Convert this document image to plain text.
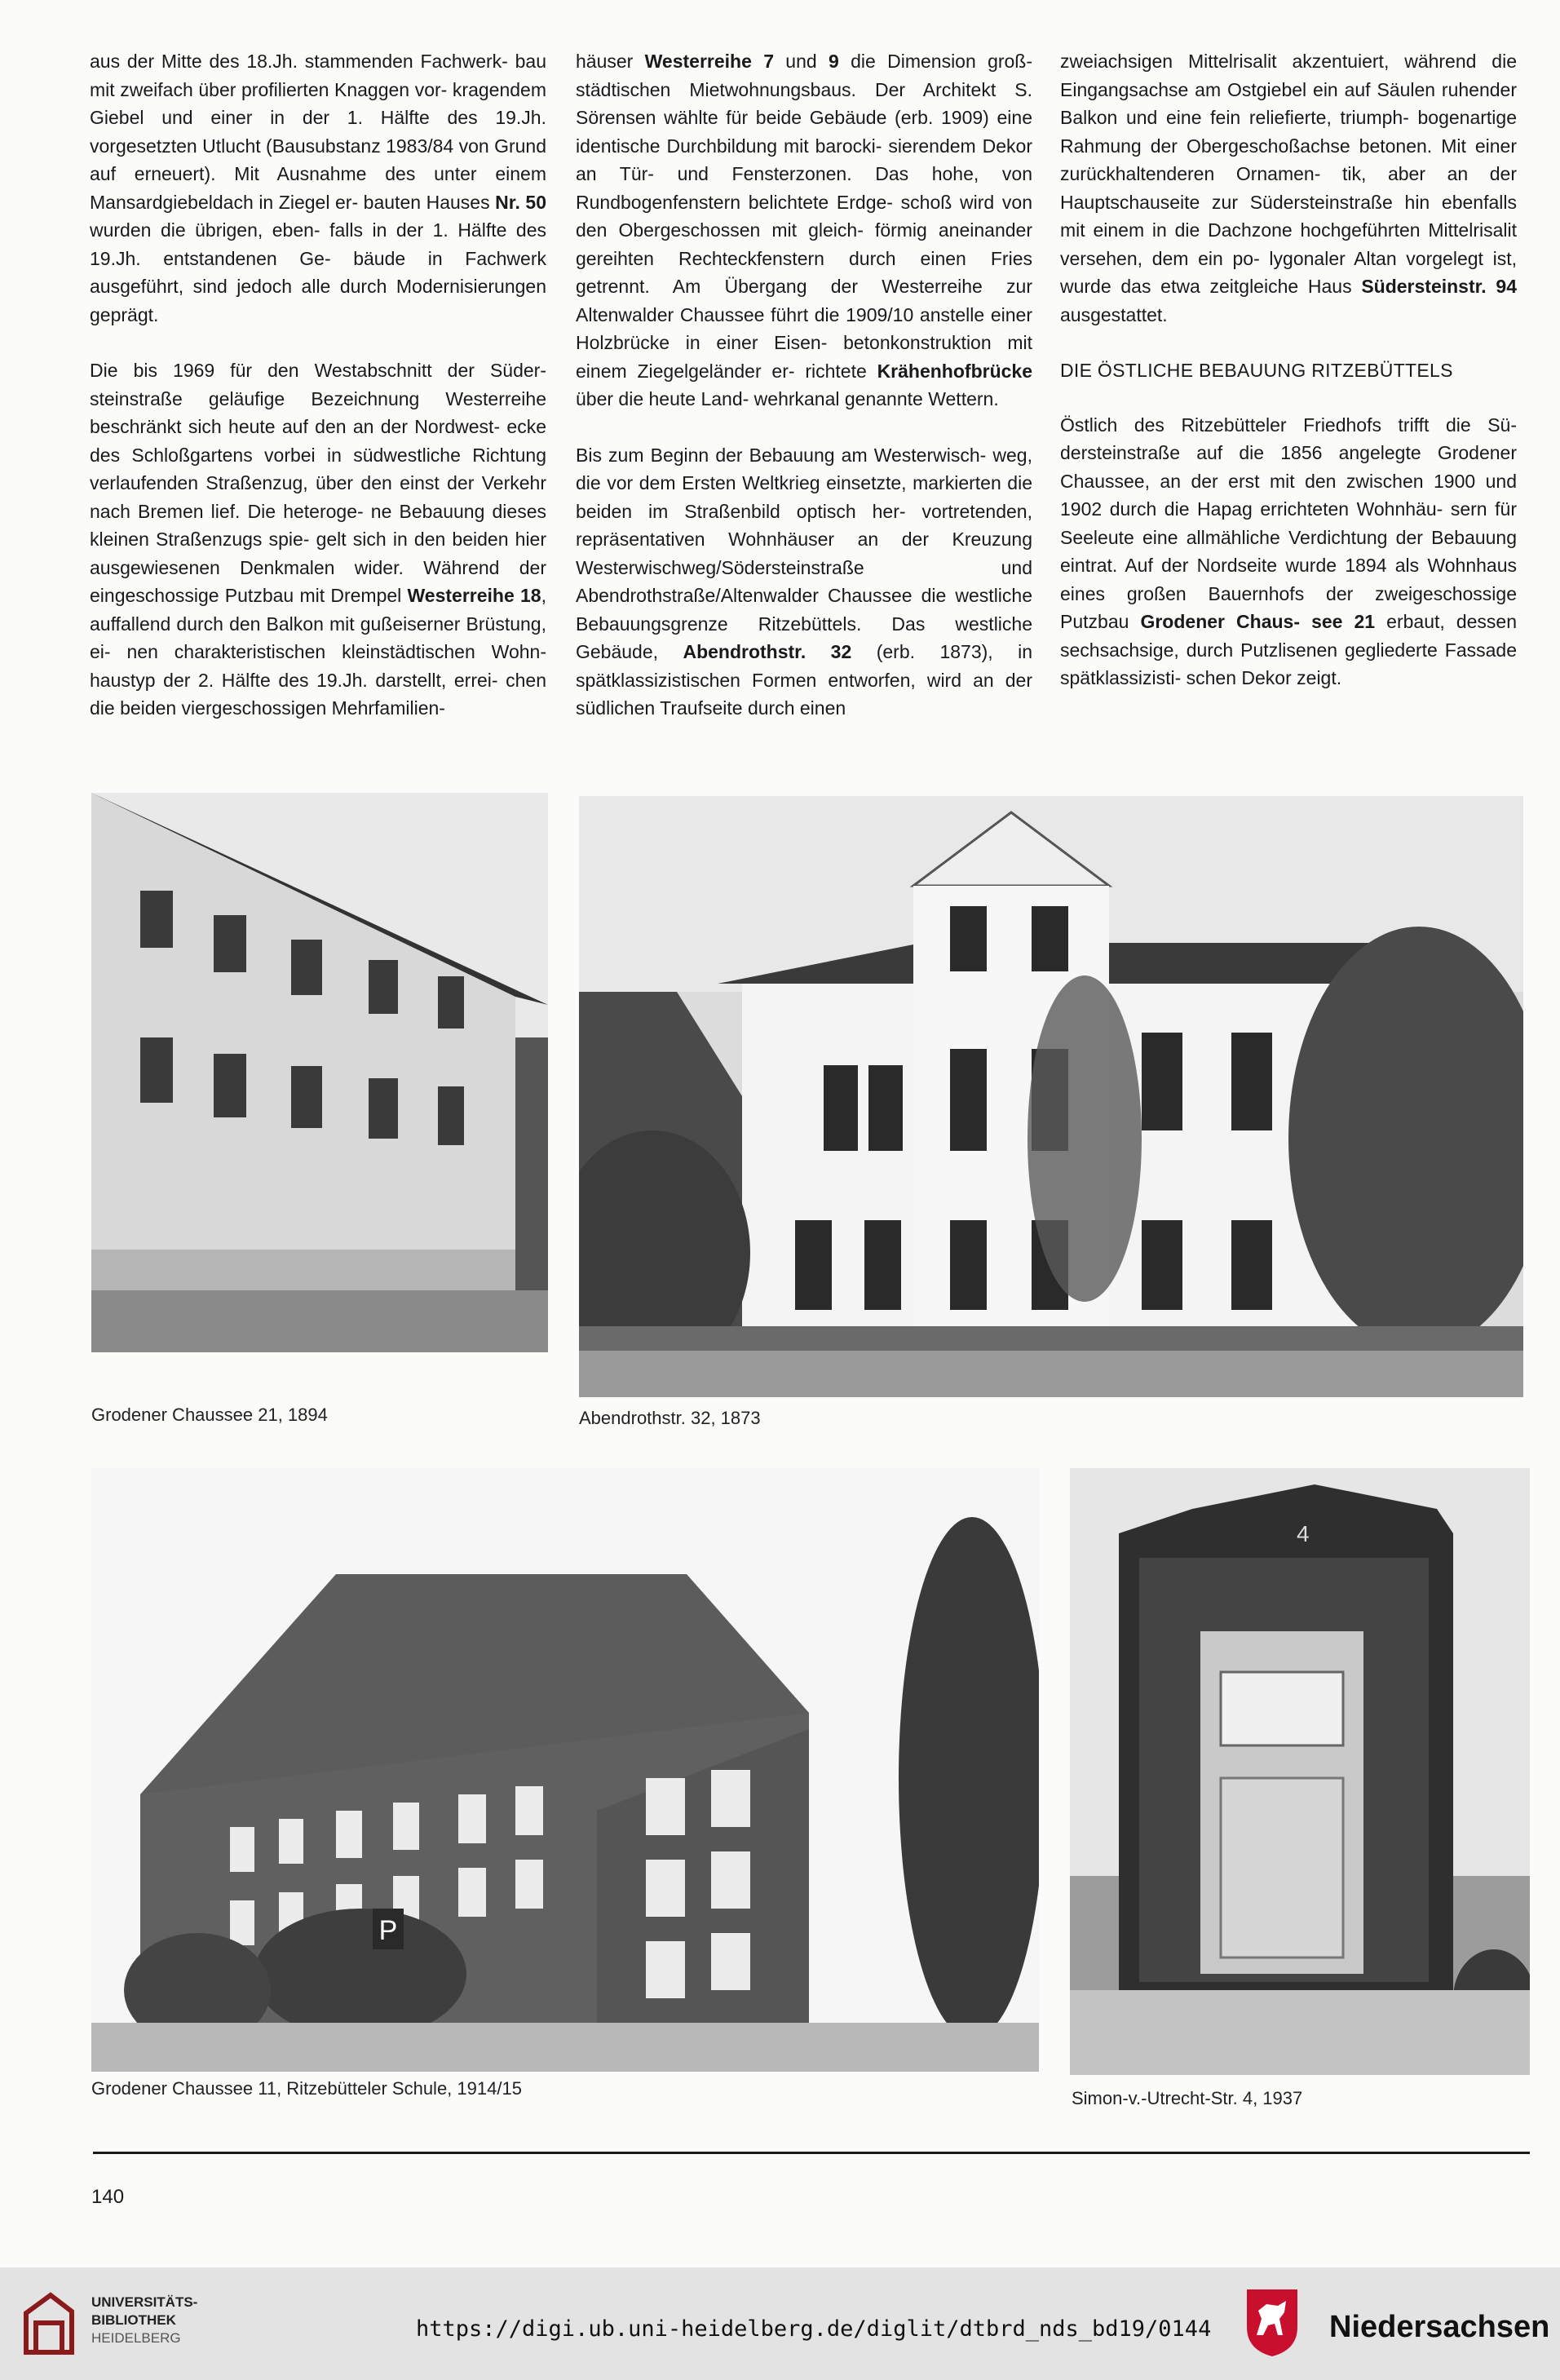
aus der Mitte des 18.Jh. stammenden Fachwerk- bau mit zweifach über profilierten Knaggen vor- kragendem Giebel und einer in der 1. Hälfte des 19.Jh. vorgesetzten Utlucht (Bausubstanz 1983/84 von Grund auf erneuert). Mit Ausnahme des unter einem Mansardgiebeldach in Ziegel er- bauten Hauses Nr. 50 wurden die übrigen, eben- falls in der 1. Hälfte des 19.Jh. entstandenen Ge- bäude in Fachwerk ausgeführt, sind jedoch alle durch Modernisierungen geprägt.

Die bis 1969 für den Westabschnitt der Süder- steinstraße geläufige Bezeichnung Westerreihe beschränkt sich heute auf den an der Nordwest- ecke des Schloßgartens vorbei in südwestliche Richtung verlaufenden Straßenzug, über den einst der Verkehr nach Bremen lief. Die heteroge- ne Bebauung dieses kleinen Straßenzugs spie- gelt sich in den beiden hier ausgewiesenen Denkmalen wider. Während der eingeschossige Putzbau mit Drempel Westerreihe 18, auffallend durch den Balkon mit gußeiserner Brüstung, ei- nen charakteristischen kleinstädtischen Wohn- haustyp der 2. Hälfte des 19.Jh. darstellt, errei- chen die beiden viergeschossigen Mehrfamilien-

häuser Westerreihe 7 und 9 die Dimension groß- städtischen Mietwohnungsbaus. Der Architekt S. Sörensen wählte für beide Gebäude (erb. 1909) eine identische Durchbildung mit barocki- sierendem Dekor an Tür- und Fensterzonen. Das hohe, von Rundbogenfenstern belichtete Erdge- schoß wird von den Obergeschossen mit gleich- förmig aneinander gereihten Rechteckfenstern durch einen Fries getrennt. Am Übergang der Westerreihe zur Altenwalder Chaussee führt die 1909/10 anstelle einer Holzbrücke in einer Eisen- betonkonstruktion mit einem Ziegelgeländer er- richtete Krähenhofbrücke über die heute Land- wehrkanal genannte Wettern.

Bis zum Beginn der Bebauung am Westerwisch- weg, die vor dem Ersten Weltkrieg einsetzte, markierten die beiden im Straßenbild optisch her- vortretenden, repräsentativen Wohnhäuser an der Kreuzung Westerwischweg/Södersteinstraße und Abendrothstraße/Altenwalder Chaussee die westliche Bebauungsgrenze Ritzebüttels. Das westliche Gebäude, Abendrothstr. 32 (erb. 1873), in spätklassizistischen Formen entworfen, wird an der südlichen Traufseite durch einen

zweiachsigen Mittelrisalit akzentuiert, während die Eingangsachse am Ostgiebel ein auf Säulen ruhender Balkon und eine fein reliefierte, triumph- bogenartige Rahmung der Obergeschoßachse betonen. Mit einer zurückhaltenderen Ornamen- tik, aber an der Hauptschauseite zur Südersteinstraße hin ebenfalls mit einem in die Dachzone hochgeführten Mittelrisalit versehen, dem ein po- lygonaler Altan vorgelegt ist, wurde das etwa zeitgleiche Haus Südersteinstr. 94 ausgestattet.

DIE ÖSTLICHE BEBAUUNG RITZEBÜTTELS

Östlich des Ritzebütteler Friedhofs trifft die Sü- dersteinstraße auf die 1856 angelegte Grodener Chaussee, an der erst mit den zwischen 1900 und 1902 durch die Hapag errichteten Wohnhäu- sern für Seeleute eine allmähliche Verdichtung der Bebauung eintrat. Auf der Nordseite wurde 1894 als Wohnhaus eines großen Bauernhofs der zweigeschossige Putzbau Grodener Chaus- see 21 erbaut, dessen sechsachsige, durch Putzlisenen gegliederte Fassade spätklassizisti- schen Dekor zeigt.

Grodener Chaussee 21, 1894	Abendrothstr. 32, 1873
P
Grodener Chaussee 11, Ritzebütteler Schule, 1914/15
4
Simon-v.-Utrecht-Str. 4, 1937
140
UNIVERSITÄTS-
BIBLIOTHEK
HEIDELBERG	https://digi.ub.uni-heidelberg.de/diglit/dtbrd_nds_bd19/0144	Niedersachsen
